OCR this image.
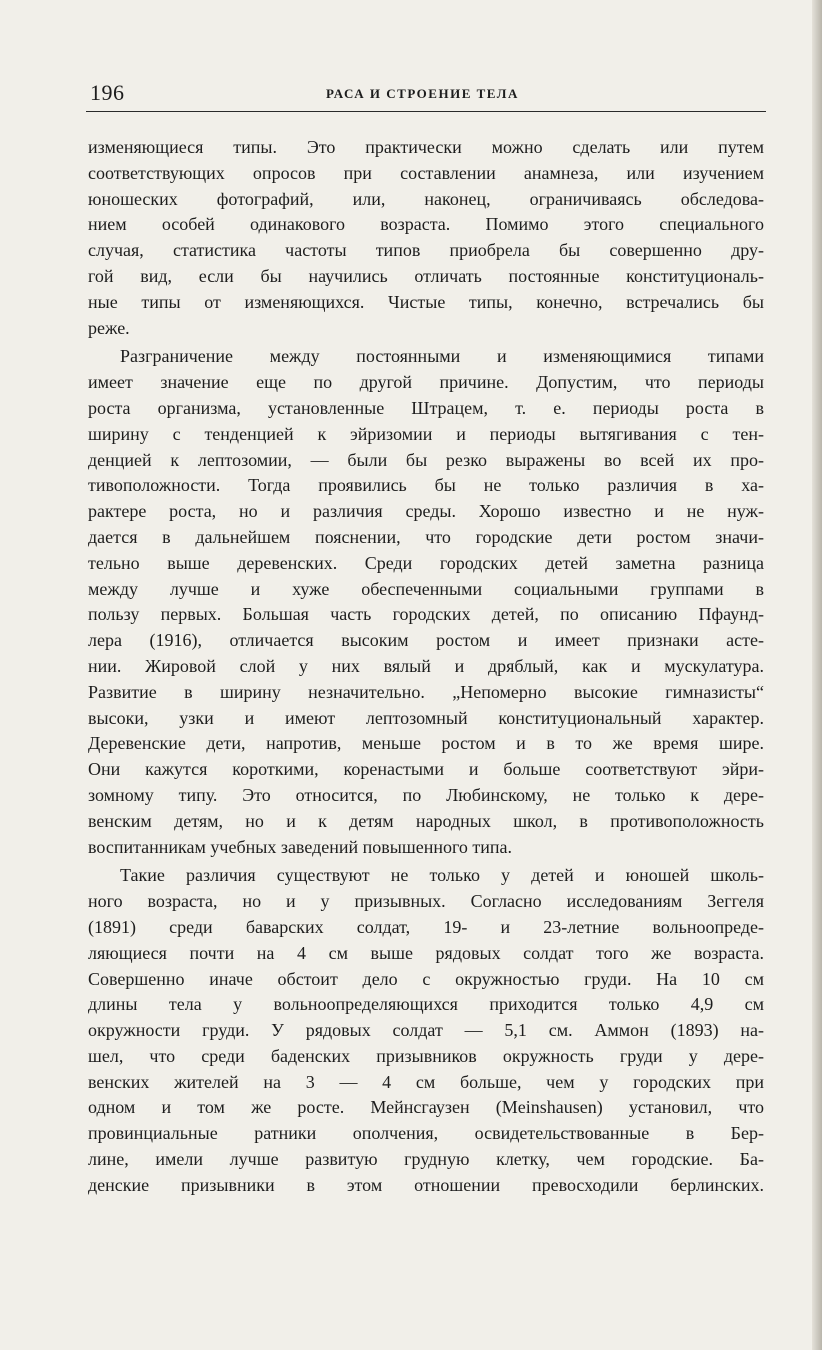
196	РАСА И СТРОЕНИЕ ТЕЛА
изменяющиеся типы. Это практически можно сделать или путем
соответствующих опросов при составлении анамнеза, или изучением
юношеских фотографий, или, наконец, ограничиваясь обследова-
нием особей одинакового возраста. Помимо этого специального
случая, статистика частоты типов приобрела бы совершенно дру-
гой вид, если бы научились отличать постоянные конституциональ-
ные типы от изменяющихся. Чистые типы, конечно, встречались бы
реже.
Разграничение между постоянными и изменяющимися типами
имеет значение еще по другой причине. Допустим, что периоды
роста организма, установленные Штрацем, т. е. периоды роста в
ширину с тенденцией к эйризомии и периоды вытягивания с тен-
денцией к лептозомии, — были бы резко выражены во всей их про-
тивоположности. Тогда проявились бы не только различия в ха-
рактере роста, но и различия среды. Хорошо известно и не нуж-
дается в дальнейшем пояснении, что городские дети ростом значи-
тельно выше деревенских. Среди городских детей заметна разница
между лучше и хуже обеспеченными социальными группами в
пользу первых. Большая часть городских детей, по описанию Пфаунд-
лера (1916), отличается высоким ростом и имеет признаки асте-
нии. Жировой слой у них вялый и дряблый, как и мускулатура.
Развитие в ширину незначительно. „Непомерно высокие гимназисты“
высоки, узки и имеют лептозомный конституциональный характер.
Деревенские дети, напротив, меньше ростом и в то же время шире.
Они кажутся короткими, коренастыми и больше соответствуют эйри-
зомному типу. Это относится, по Любинскому, не только к дере-
венским детям, но и к детям народных школ, в противоположность
воспитанникам учебных заведений повышенного типа.
Такие различия существуют не только у детей и юношей школь-
ного возраста, но и у призывных. Согласно исследованиям Зеггеля
(1891) среди баварских солдат, 19- и 23-летние вольноопреде-
ляющиеся почти на 4 см выше рядовых солдат того же возраста.
Совершенно иначе обстоит дело с окружностью груди. На 10 см
длины тела у вольноопределяющихся приходится только 4,9 см
окружности груди. У рядовых солдат — 5,1 см. Аммон (1893) на-
шел, что среди баденских призывников окружность груди у дере-
венских жителей на 3 — 4 см больше, чем у городских при
одном и том же росте. Мейнсгаузен (Meinshausen) установил, что
провинциальные ратники ополчения, освидетельствованные в Бер-
лине, имели лучше развитую грудную клетку, чем городские. Ба-
денские призывники в этом отношении превосходили берлинских.
